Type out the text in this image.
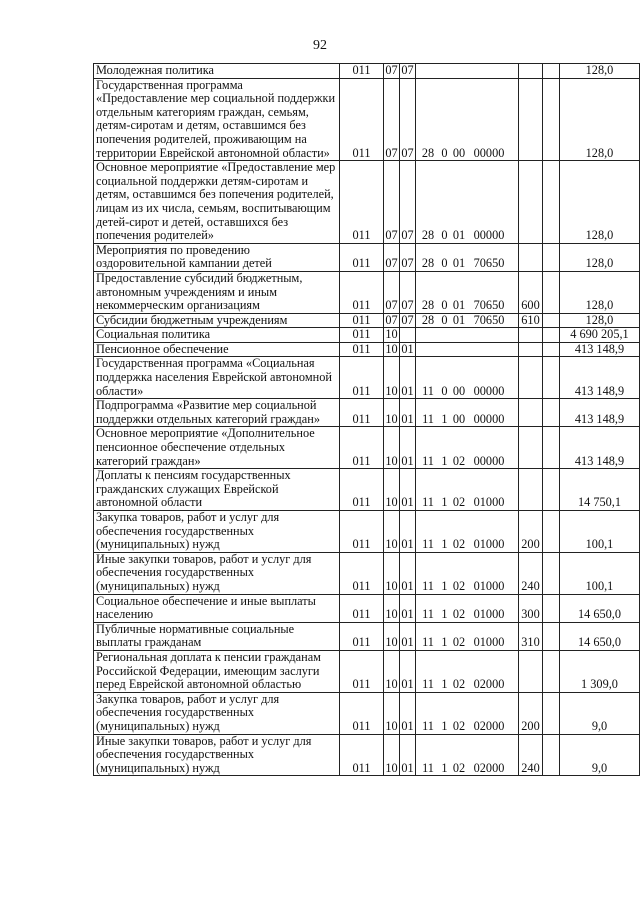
92
Молодежная политика	011	07	07				128,0
Государственная программа «Предоставление мер социальной поддержки отдельным категориям граждан, семьям, детям-сиротам и детям, оставшимся без попечения родителей, проживающим на территории Еврейской автономной области»	011	07	07	28 0 00 00000			128,0
Основное мероприятие «Предоставление мер социальной поддержки детям-сиротам и детям, оставшимся без попечения родителей, лицам из их числа, семьям, воспитывающим детей-сирот и детей, оставшихся без попечения родителей»	011	07	07	28 0 01 00000			128,0
Мероприятия по проведению оздоровительной кампании детей	011	07	07	28 0 01 70650			128,0
Предоставление субсидий бюджетным, автономным учреждениям и иным некоммерческим организациям	011	07	07	28 0 01 70650	600		128,0
Субсидии бюджетным учреждениям	011	07	07	28 0 01 70650	610		128,0
Социальная политика	011	10					4 690 205,1
Пенсионное обеспечение	011	10	01				413 148,9
Государственная программа «Социальная поддержка населения Еврейской автономной области»	011	10	01	11 0 00 00000			413 148,9
Подпрограмма «Развитие мер социальной поддержки отдельных категорий граждан»	011	10	01	11 1 00 00000			413 148,9
Основное мероприятие «Дополнительное пенсионное обеспечение отдельных категорий граждан»	011	10	01	11 1 02 00000			413 148,9
Доплаты к пенсиям государственных гражданских служащих Еврейской автономной области	011	10	01	11 1 02 01000			14 750,1
Закупка товаров, работ и услуг для обеспечения государственных (муниципальных) нужд	011	10	01	11 1 02 01000	200		100,1
Иные закупки товаров, работ и услуг для обеспечения государственных (муниципальных) нужд	011	10	01	11 1 02 01000	240		100,1
Социальное обеспечение и иные выплаты населению	011	10	01	11 1 02 01000	300		14 650,0
Публичные нормативные социальные выплаты гражданам	011	10	01	11 1 02 01000	310		14 650,0
Региональная доплата к пенсии гражданам Российской Федерации, имеющим заслуги перед Еврейской автономной областью	011	10	01	11 1 02 02000			1 309,0
Закупка товаров, работ и услуг для обеспечения государственных (муниципальных) нужд	011	10	01	11 1 02 02000	200		9,0
Иные закупки товаров, работ и услуг для обеспечения государственных (муниципальных) нужд	011	10	01	11 1 02 02000	240		9,0
